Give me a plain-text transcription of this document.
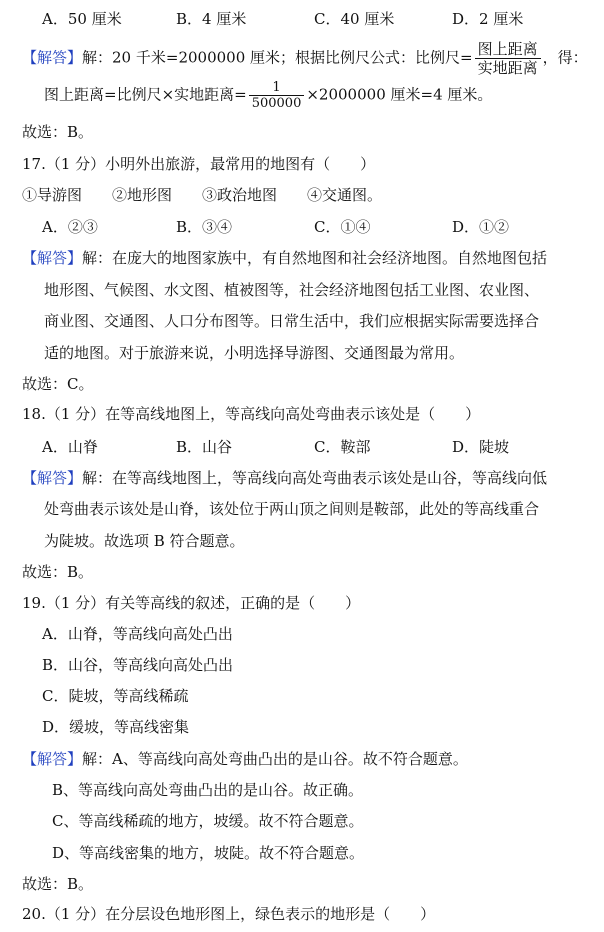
A．50 厘米	B．4 厘米	C．40 厘米	D．2 厘米
【解答】解：20 千米=2000000 厘米；根据比例尺公式：比例尺= $\frac{\text{图上距离}}{\text{实地距离}}$ ，得：
图上距离=比例尺×实地距离= $\frac{1}{500000} \times 2000000$ 厘米=4 厘米。
故选：B。
17.（1 分）小明外出旅游，最常用的地图有（　　）
①导游图　　②地形图　　③政治地图　　④交通图。
A．②③	B．③④	C．①④	D．①②
【解答】解：在庞大的地图家族中，有自然地图和社会经济地图。自然地图包括
地形图、气候图、水文图、植被图等，社会经济地图包括工业图、农业图、
商业图、交通图、人口分布图等。日常生活中，我们应根据实际需要选择合
适的地图。对于旅游来说，小明选择导游图、交通图最为常用。
故选：C。
18.（1 分）在等高线地图上，等高线向高处弯曲表示该处是（　　）
A．山脊	B．山谷	C．鞍部	D．陡坡
【解答】解：在等高线地图上，等高线向高处弯曲表示该处是山谷，等高线向低
处弯曲表示该处是山脊，该处位于两山顶之间则是鞍部，此处的等高线重合
为陡坡。故选项 B 符合题意。
故选：B。
19.（1 分）有关等高线的叙述，正确的是（　　）
A．山脊，等高线向高处凸出
B．山谷，等高线向高处凸出
C．陡坡，等高线稀疏
D．缓坡，等高线密集
【解答】解：A、等高线向高处弯曲凸出的是山谷。故不符合题意。
B、等高线向高处弯曲凸出的是山谷。故正确。
C、等高线稀疏的地方，坡缓。故不符合题意。
D、等高线密集的地方，坡陡。故不符合题意。
故选：B。
20.（1 分）在分层设色地形图上，绿色表示的地形是（　　）
